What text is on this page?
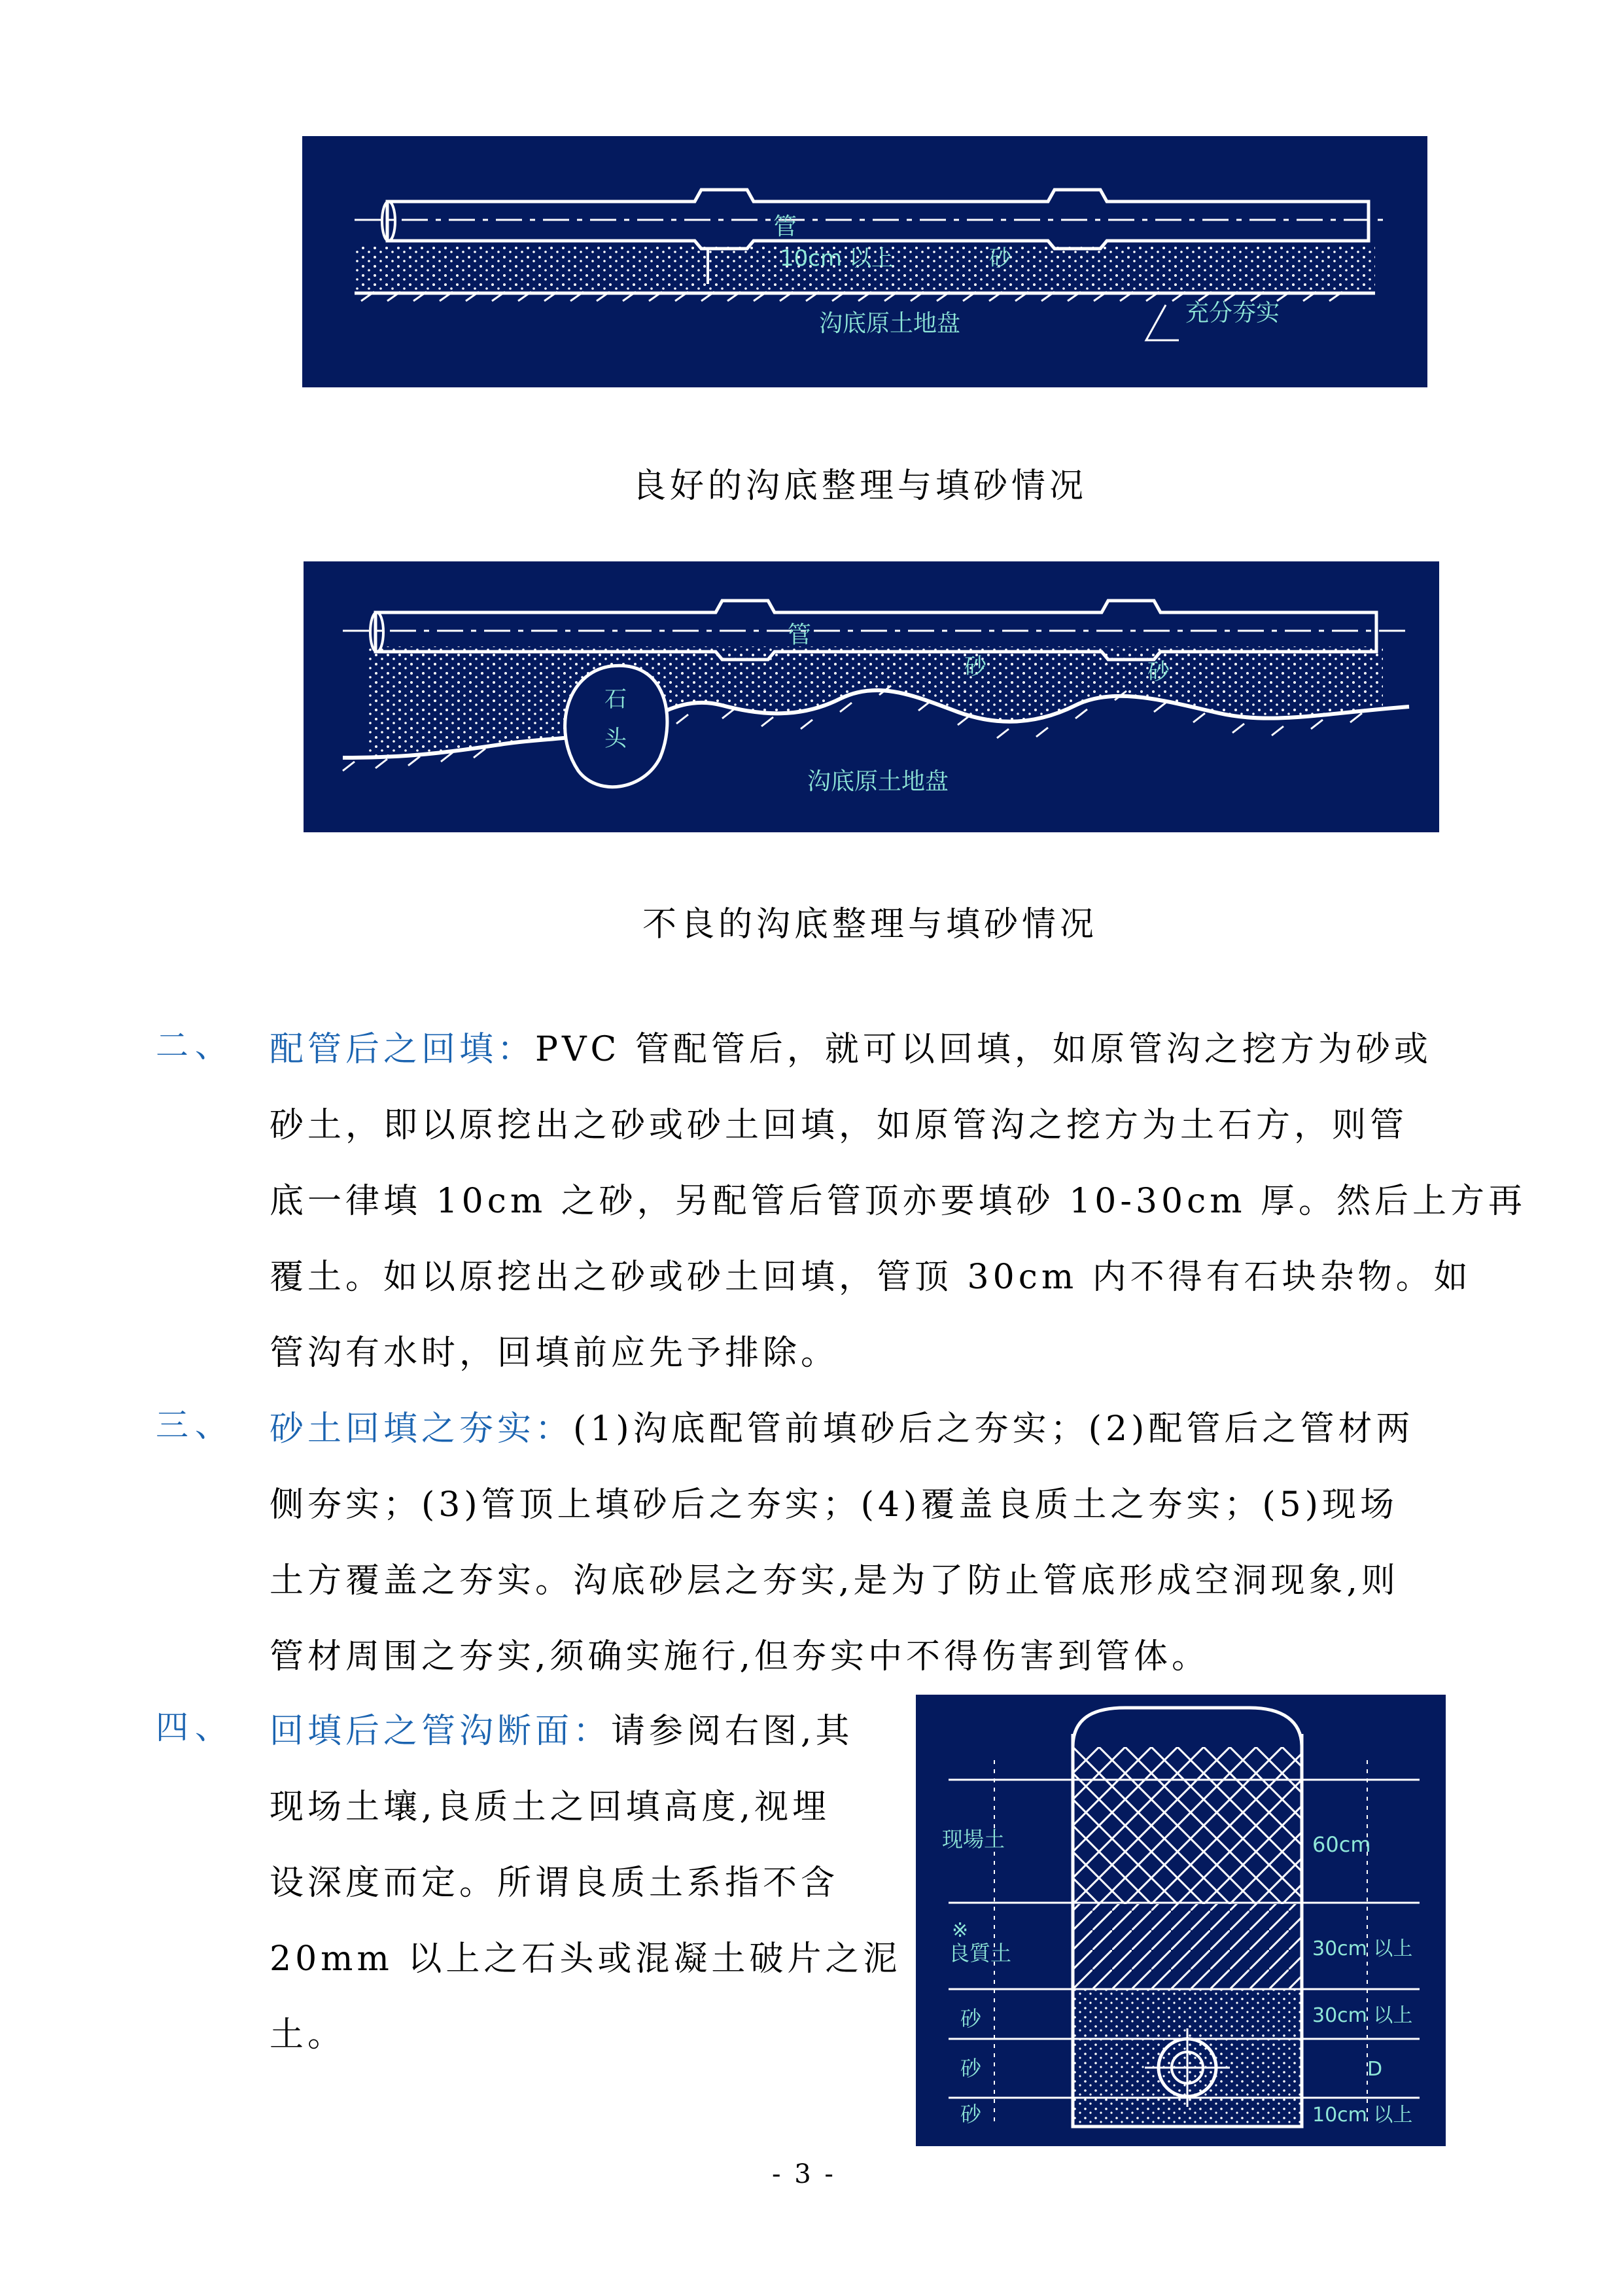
管
10cm 以上	砂
沟底原土地盘	充分夯实
良好的沟底整理与填砂情况
管
砂	砂
石
头
沟底原土地盘
不良的沟底整理与填砂情况
二、 配管后之回填：PVC 管配管后，就可以回填，如原管沟之挖方为砂或
砂土，即以原挖出之砂或砂土回填，如原管沟之挖方为土石方，则管
底一律填 10cm 之砂，另配管后管顶亦要填砂 10-30cm 厚。然后上方再
覆土。如以原挖出之砂或砂土回填，管顶 30cm 内不得有石块杂物。如
管沟有水时，回填前应先予排除。
三、 砂土回填之夯实：(1)沟底配管前填砂后之夯实；(2)配管后之管材两
侧夯实；(3)管顶上填砂后之夯实；(4)覆盖良质土之夯实；(5)现场
土方覆盖之夯实。沟底砂层之夯实,是为了防止管底形成空洞现象,则
管材周围之夯实,须确实施行,但夯实中不得伤害到管体。
四、 回填后之管沟断面：请参阅右图,其
现场土壤,良质土之回填高度,视埋
设深度而定。所谓良质土系指不含
20mm 以上之石头或混凝土破片之泥
土。
现場土
※
良質土
砂
砂
砂
60cm
30cm 以上
30cm 以上
D
10cm 以上
- 3 -
